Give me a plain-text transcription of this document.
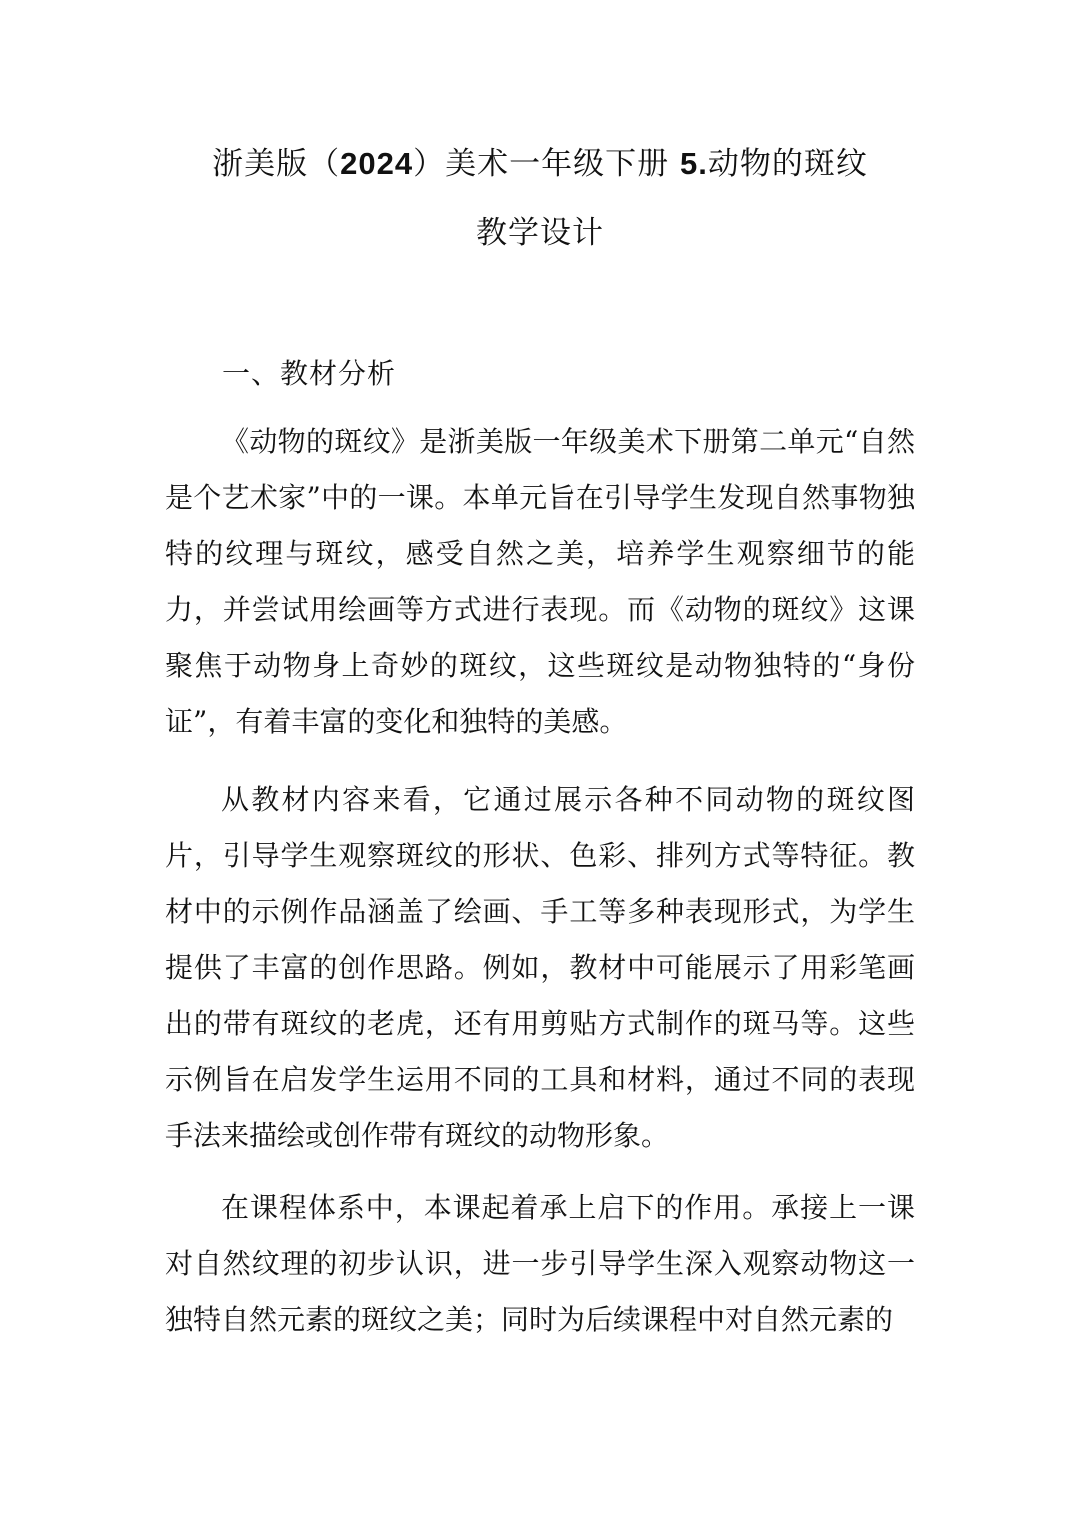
浙美版（2024）美术一年级下册 5.动物的斑纹
教学设计
一、教材分析

《动物的斑纹》是浙美版一年级美术下册第二单元“自然是个艺术家”中的一课。本单元旨在引导学生发现自然事物独特的纹理与斑纹，感受自然之美，培养学生观察细节的能力，并尝试用绘画等方式进行表现。而《动物的斑纹》这课聚焦于动物身上奇妙的斑纹，这些斑纹是动物独特的“身份证”，有着丰富的变化和独特的美感。

从教材内容来看，它通过展示各种不同动物的斑纹图片，引导学生观察斑纹的形状、色彩、排列方式等特征。教材中的示例作品涵盖了绘画、手工等多种表现形式，为学生提供了丰富的创作思路。例如，教材中可能展示了用彩笔画出的带有斑纹的老虎，还有用剪贴方式制作的斑马等。这些示例旨在启发学生运用不同的工具和材料，通过不同的表现手法来描绘或创作带有斑纹的动物形象。

在课程体系中，本课起着承上启下的作用。承接上一课对自然纹理的初步认识，进一步引导学生深入观察动物这一独特自然元素的斑纹之美；同时为后续课程中对自然元素的
